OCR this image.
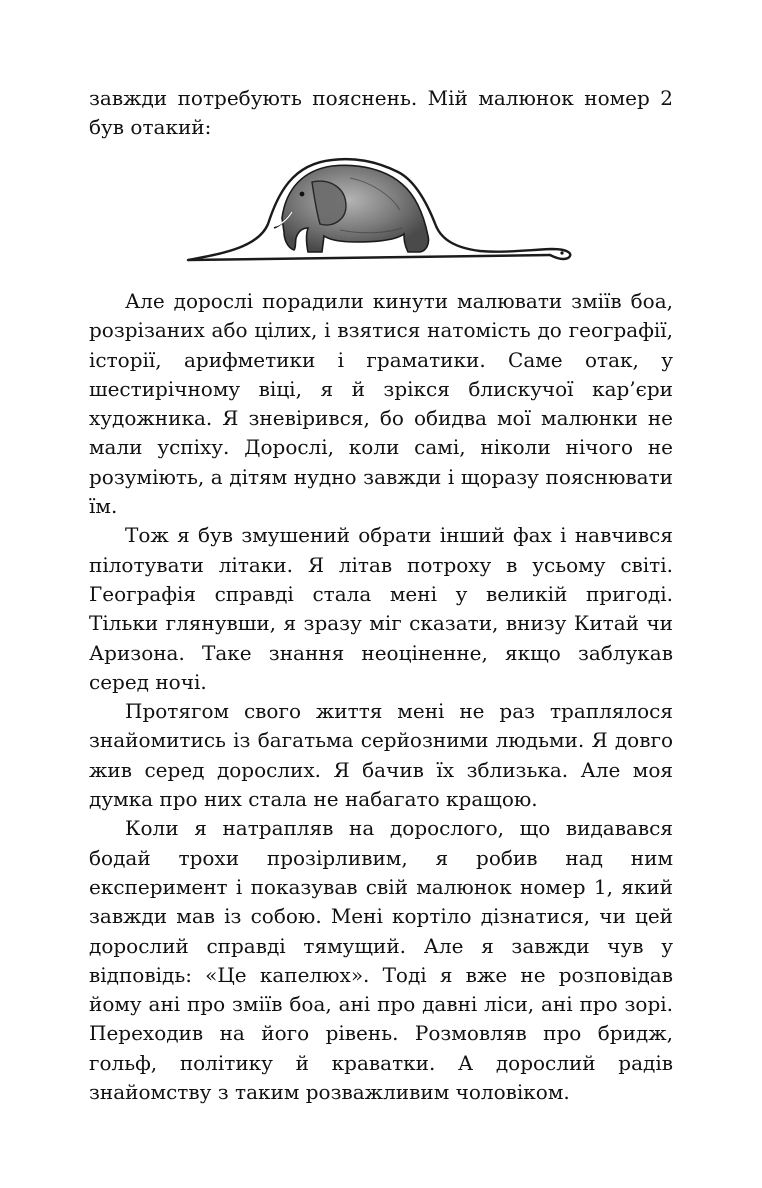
завжди потребують пояснень. Мій малюнок номер 2 був отакий:

Але дорослі порадили кинути малювати змiїв боа, розрізаних або цілих, і взятися натомість до географії, історії, арифметики і граматики. Саме отак, у шестирічному віці, я й зрікся блискучої кар’єри художника. Я зневірився, бо обидва мої малюнки не мали успіху. Дорослі, коли самі, ніколи нічого не розуміють, а дітям нудно завжди і щоразу пояснювати їм.

Тож я був змушений обрати інший фах і навчився пілотувати літаки. Я літав потроху в усьому світі. Географія справді стала мені у великій пригоді. Тільки глянувши, я зразу міг сказати, внизу Китай чи Аризона. Таке знання неоціненне, якщо заблукав серед ночі.

Протягом свого життя мені не раз траплялося знайомитись із багатьма серйозними людьми. Я довго жив серед дорослих. Я бачив їх зблизька. Але моя думка про них стала не набагато кращою.

Коли я натрапляв на дорослого, що видавався бодай трохи прозірливим, я робив над ним експеримент і показував свій малюнок номер 1, який завжди мав із собою. Мені кортіло дізнатися, чи цей дорослий справді тямущий. Але я завжди чув у відповідь: «Це капелюх». Тоді я вже не розповідав йому ані про зміїв боа, ані про давні ліси, ані про зорі. Переходив на його рівень. Розмовляв про бридж, гольф, політику й краватки. А дорослий радів знайомству з таким розважливим чоловіком.
